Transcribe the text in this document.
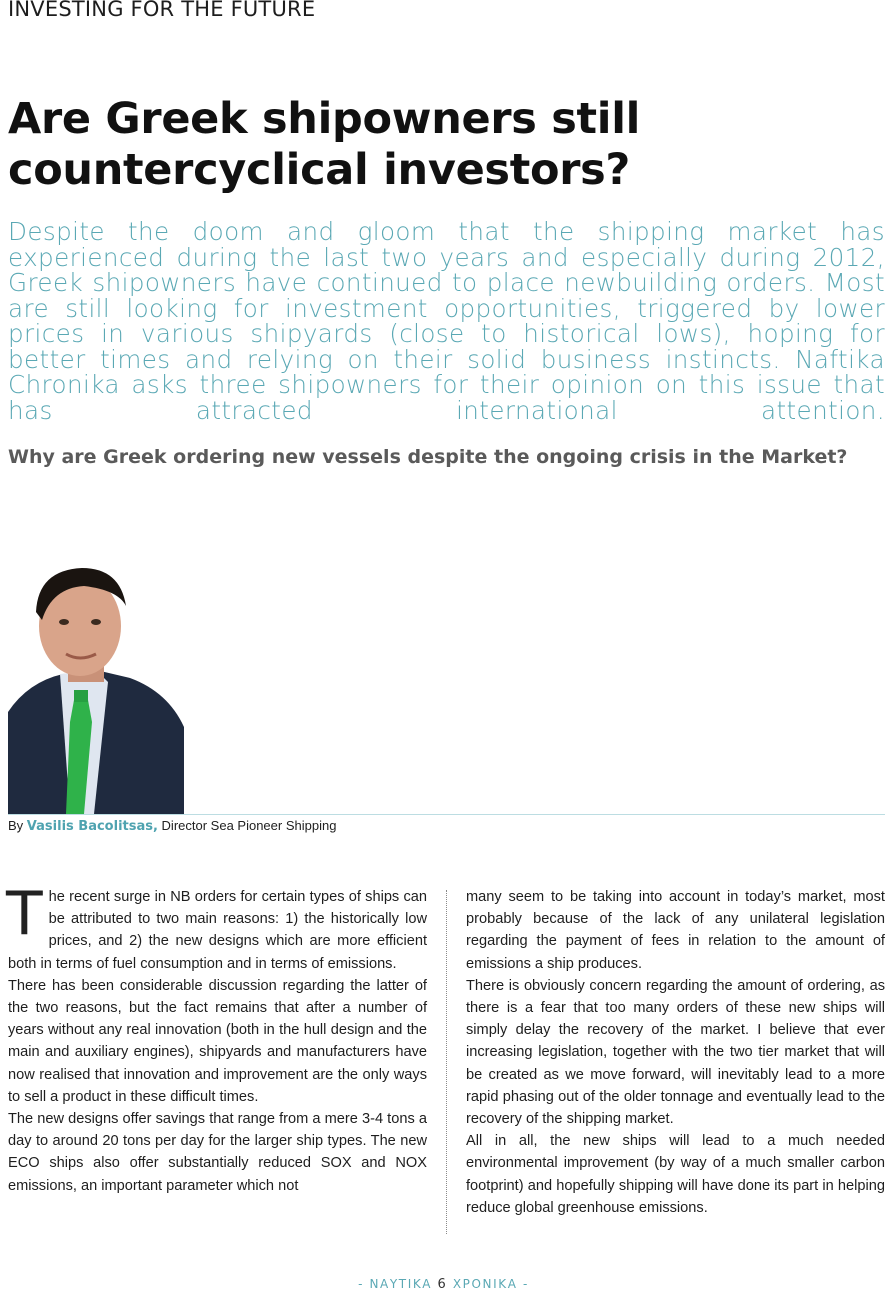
INVESTING FOR THE FUTURE
Are Greek shipowners still
countercyclical investors?

Despite the doom and gloom that the shipping market has experienced during the last two years and especially during 2012, Greek shipowners have continued to place newbuilding orders. Most are still looking for investment opportunities, triggered by lower prices in various shipyards (close to historical lows), hoping for better times and relying on their solid business instincts. Naftika Chronika asks three shipowners for their opinion on this issue that has attracted international attention.

Why are Greek ordering new vessels despite the ongoing crisis in the Market?
By Vasilis Bacolitsas, Director Sea Pioneer Shipping
T he recent surge in NB orders for certain types of ships can be attributed to two main reasons: 1) the historically low prices, and 2) the new designs which are more efficient both in terms of fuel consumption and in terms of emissions.

There has been considerable discussion regarding the latter of the two reasons, but the fact remains that after a number of years without any real innovation (both in the hull design and the main and auxiliary engines), shipyards and manufacturers have now realised that innovation and improvement are the only ways to sell a product in these difficult times.

The new designs offer savings that range from a mere 3-4 tons a day to around 20 tons per day for the larger ship types. The new ECO ships also offer substantially reduced SOX and NOX emissions, an important parameter which not

many seem to be taking into account in today’s market, most probably because of the lack of any unilateral legislation regarding the payment of fees in relation to the amount of emissions a ship produces.

There is obviously concern regarding the amount of ordering, as there is a fear that too many orders of these new ships will simply delay the recovery of the market. I believe that ever increasing legislation, together with the two tier market that will be created as we move forward, will inevitably lead to a more rapid phasing out of the older tonnage and eventually lead to the recovery of the shipping market.

All in all, the new ships will lead to a much needed environmental improvement (by way of a much smaller carbon footprint) and hopefully shipping will have done its part in helping reduce global greenhouse emissions.

- ΝΑΥΤΙΚΑ 6 ΧΡΟΝΙΚΑ -
